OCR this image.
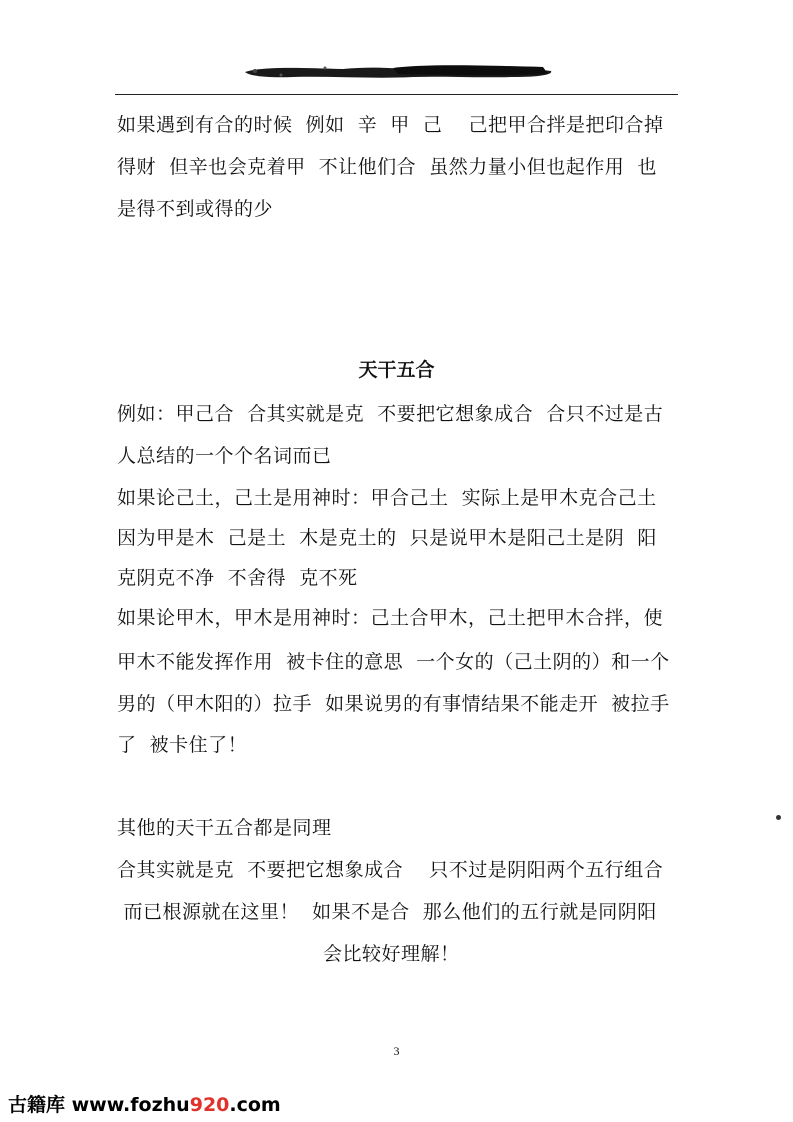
如果遇到有合的时候  例如  辛  甲  己    己把甲合拌是把印合掉
得财  但辛也会克着甲  不让他们合  虽然力量小但也起作用  也
是得不到或得的少
天干五合
例如：甲己合  合其实就是克  不要把它想象成合  合只不过是古
人总结的一个个名词而已
如果论己土，己土是用神时：甲合己土  实际上是甲木克合己土
因为甲是木  己是土  木是克土的  只是说甲木是阳己土是阴  阳
克阴克不净  不舍得  克不死
如果论甲木，甲木是用神时：己土合甲木，己土把甲木合拌，使
甲木不能发挥作用  被卡住的意思  一个女的（己土阴的）和一个
男的（甲木阳的）拉手  如果说男的有事情结果不能走开  被拉手
了  被卡住了！
其他的天干五合都是同理
合其实就是克  不要把它想象成合    只不过是阴阳两个五行组合
而已根源就在这里！  如果不是合  那么他们的五行就是同阴阳
会比较好理解！
3
古籍库 www.fozhu920.com
